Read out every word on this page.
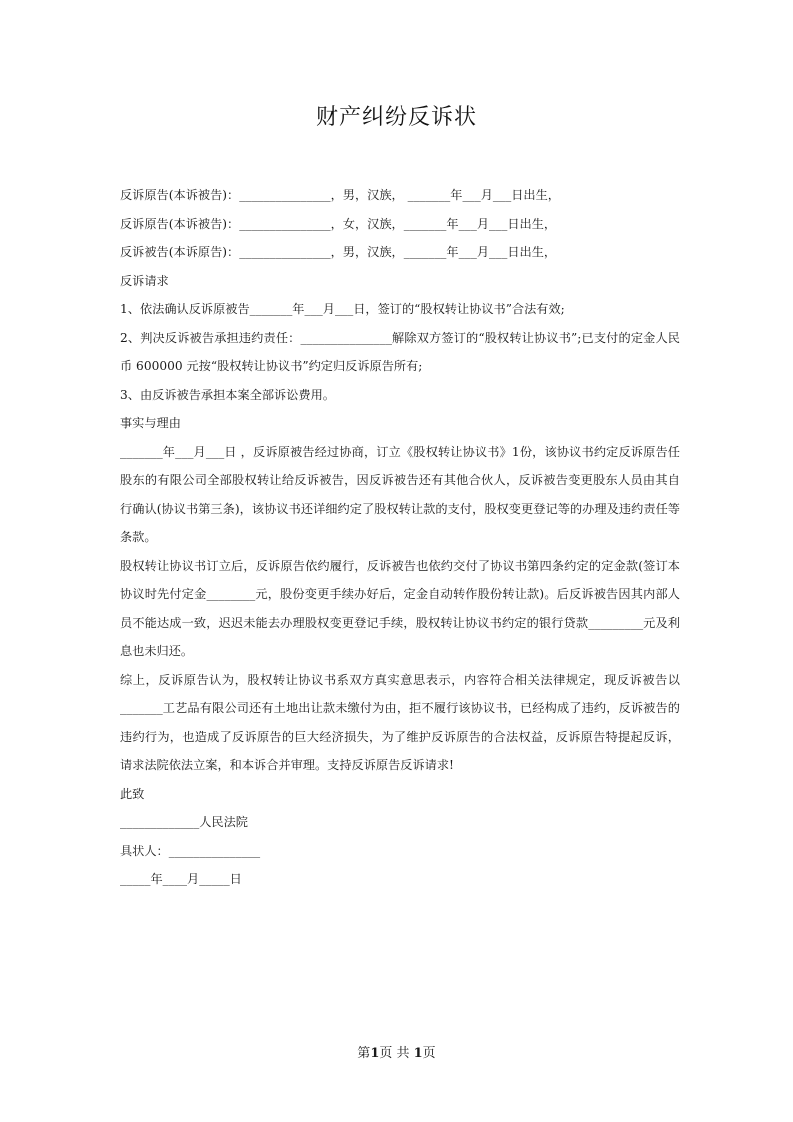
财产纠纷反诉状
反诉原告(本诉被告)：_______________，男，汉族， _______年___月___日出生，
反诉原告(本诉被告)：_______________，女，汉族，_______年___月___日出生，
反诉被告(本诉原告)：_______________，男，汉族，_______年___月___日出生，
反诉请求
1、依法确认反诉原被告_______年___月___日，签订的“股权转让协议书”合法有效;
2、判决反诉被告承担违约责任：_______________解除双方签订的“股权转让协议书”;已支付的定金人民币 600000 元按“股权转让协议书”约定归反诉原告所有;
3、由反诉被告承担本案全部诉讼费用。
事实与理由
_______年___月___日 ，反诉原被告经过协商，订立《股权转让协议书》1份，该协议书约定反诉原告任股东的有限公司全部股权转让给反诉被告，因反诉被告还有其他合伙人，反诉被告变更股东人员由其自行确认(协议书第三条)，该协议书还详细约定了股权转让款的支付，股权变更登记等的办理及违约责任等条款。
股权转让协议书订立后，反诉原告依约履行，反诉被告也依约交付了协议书第四条约定的定金款(签订本协议时先付定金________元，股份变更手续办好后，定金自动转作股份转让款)。后反诉被告因其内部人员不能达成一致，迟迟未能去办理股权变更登记手续，股权转让协议书约定的银行贷款_________元及利息也未归还。
综上，反诉原告认为，股权转让协议书系双方真实意思表示，内容符合相关法律规定，现反诉被告以_______工艺品有限公司还有土地出让款未缴付为由，拒不履行该协议书，已经构成了违约，反诉被告的违约行为，也造成了反诉原告的巨大经济损失，为了维护反诉原告的合法权益，反诉原告特提起反诉，请求法院依法立案，和本诉合并审理。支持反诉原告反诉请求!
此致
_____________人民法院
具状人：_______________
_____年____月_____日
第1页 共 1页
